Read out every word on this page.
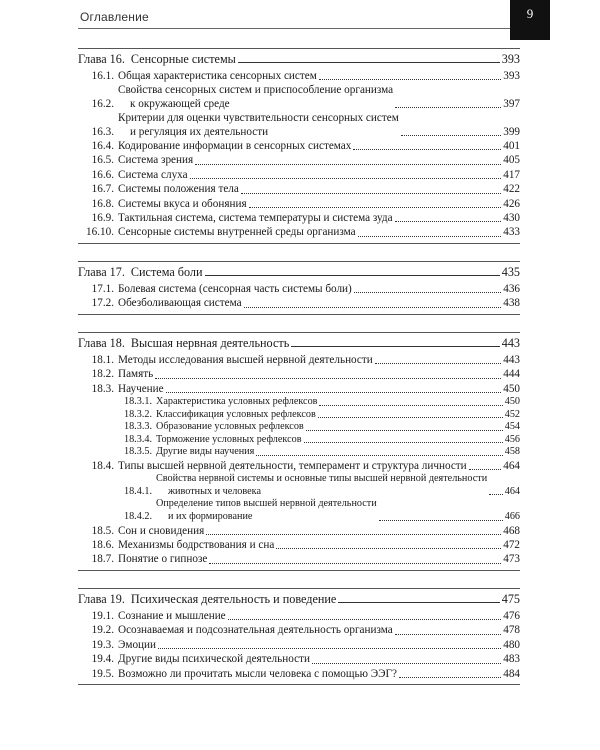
Оглавление	9
Глава 16. Сенсорные системы	393
16.1. Общая характеристика сенсорных систем	393
16.2.
Свойства сенсорных систем и приспособление организма
к окружающей среде	397
16.3.
Критерии для оценки чувствительности сенсорных систем
и регуляция их деятельности	399
16.4. Кодирование информации в сенсорных системах	401
16.5. Система зрения	405
16.6. Система слуха	417
16.7. Системы положения тела	422
16.8. Системы вкуса и обоняния	426
16.9. Тактильная система, система температуры и система зуда	430
16.10. Сенсорные системы внутренней среды организма	433
Глава 17. Система боли	435
17.1. Болевая система (сенсорная часть системы боли)	436
17.2. Обезболивающая система	438
Глава 18. Высшая нервная деятельность	443
18.1. Методы исследования высшей нервной деятельности	443
18.2. Память	444
18.3. Научение	450
18.3.1. Характеристика условных рефлексов	450
18.3.2. Классификация условных рефлексов	452
18.3.3. Образование условных рефлексов	454
18.3.4. Торможение условных рефлексов	456
18.3.5. Другие виды научения	458
18.4. Типы высшей нервной деятельности, темперамент и структура личности	464
18.4.1.
Свойства нервной системы и основные типы высшей нервной деятельности
животных и человека	464
18.4.2.
Определение типов высшей нервной деятельности
и их формирование	466
18.5. Сон и сновидения	468
18.6. Механизмы бодрствования и сна	472
18.7. Понятие о гипнозе	473
Глава 19. Психическая деятельность и поведение	475
19.1. Сознание и мышление	476
19.2. Осознаваемая и подсознательная деятельность организма	478
19.3. Эмоции	480
19.4. Другие виды психической деятельности	483
19.5. Возможно ли прочитать мысли человека с помощью ЭЭГ?	484
